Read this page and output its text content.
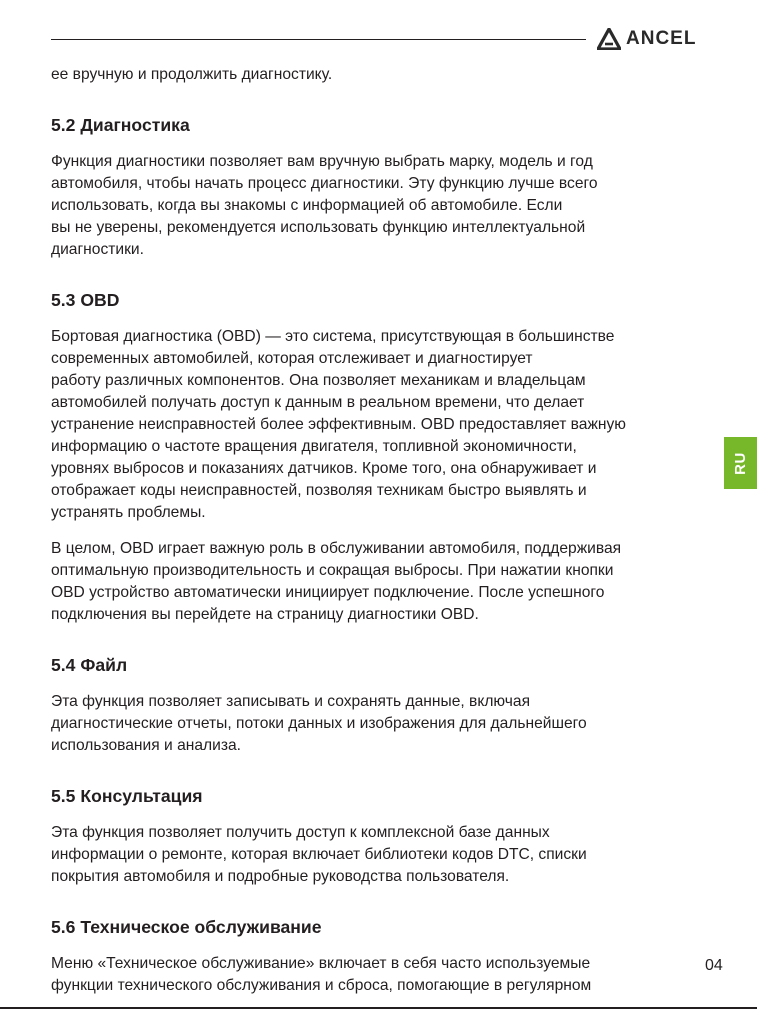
ANCEL
RU

ее вручную и продолжить диагностику.

5.2 Диагностика

Функция диагностики позволяет вам вручную выбрать марку, модель и год
автомобиля, чтобы начать процесс диагностики. Эту функцию лучше всего
использовать, когда вы знакомы с информацией об автомобиле. Если
вы не уверены, рекомендуется использовать функцию интеллектуальной
диагностики.

5.3 OBD

Бортовая диагностика (OBD) — это система, присутствующая в большинстве
современных автомобилей, которая отслеживает и диагностирует
работу различных компонентов. Она позволяет механикам и владельцам
автомобилей получать доступ к данным в реальном времени, что делает
устранение неисправностей более эффективным. OBD предоставляет важную
информацию о частоте вращения двигателя, топливной экономичности,
уровнях выбросов и показаниях датчиков. Кроме того, она обнаруживает и
отображает коды неисправностей, позволяя техникам быстро выявлять и
устранять проблемы.

В целом, OBD играет важную роль в обслуживании автомобиля, поддерживая
оптимальную производительность и сокращая выбросы. При нажатии кнопки
OBD устройство автоматически инициирует подключение. После успешного
подключения вы перейдете на страницу диагностики OBD.

5.4 Файл

Эта функция позволяет записывать и сохранять данные, включая
диагностические отчеты, потоки данных и изображения для дальнейшего
использования и анализа.

5.5 Консультация

Эта функция позволяет получить доступ к комплексной базе данных
информации о ремонте, которая включает библиотеки кодов DTC, списки
покрытия автомобиля и подробные руководства пользователя.

5.6 Техническое обслуживание

Меню «Техническое обслуживание» включает в себя часто используемые
функции технического обслуживания и сброса, помогающие в регулярном

04
